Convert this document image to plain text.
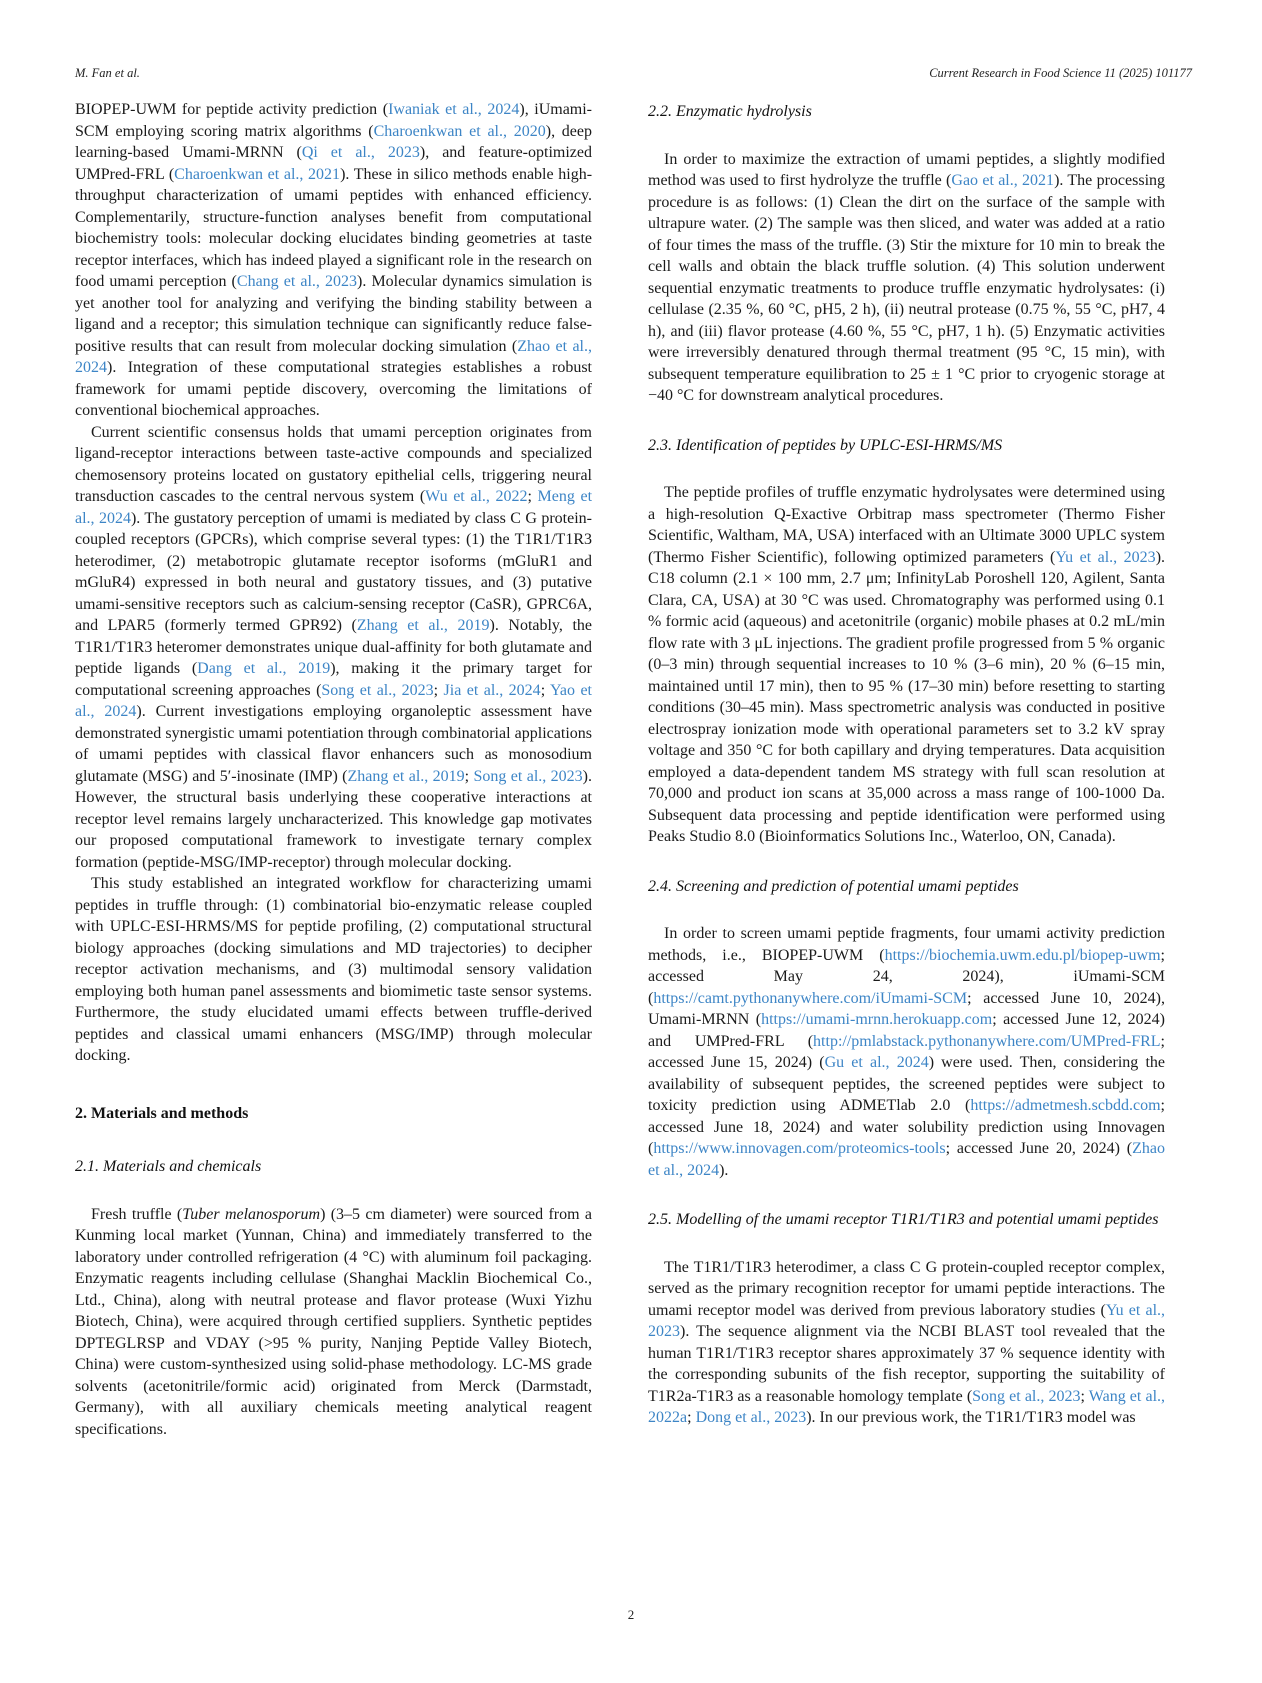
M. Fan et al.	Current Research in Food Science 11 (2025) 101177

BIOPEP-UWM for peptide activity prediction (Iwaniak et al., 2024), iUmami-SCM employing scoring matrix algorithms (Charoenkwan et al., 2020), deep learning-based Umami-MRNN (Qi et al., 2023), and feature-optimized UMPred-FRL (Charoenkwan et al., 2021). These in silico methods enable high-throughput characterization of umami peptides with enhanced efficiency. Complementarily, structure-function analyses benefit from computational biochemistry tools: molecular docking elucidates binding geometries at taste receptor interfaces, which has indeed played a significant role in the research on food umami perception (Chang et al., 2023). Molecular dynamics simulation is yet another tool for analyzing and verifying the binding stability between a ligand and a receptor; this simulation technique can significantly reduce false-positive results that can result from molecular docking simulation (Zhao et al., 2024). Integration of these computational strategies establishes a robust framework for umami peptide discovery, overcoming the limitations of conventional biochemical approaches.

Current scientific consensus holds that umami perception originates from ligand-receptor interactions between taste-active compounds and specialized chemosensory proteins located on gustatory epithelial cells, triggering neural transduction cascades to the central nervous system (Wu et al., 2022; Meng et al., 2024). The gustatory perception of umami is mediated by class C G protein-coupled receptors (GPCRs), which comprise several types: (1) the T1R1/T1R3 heterodimer, (2) metabotropic glutamate receptor isoforms (mGluR1 and mGluR4) expressed in both neural and gustatory tissues, and (3) putative umami-sensitive receptors such as calcium-sensing receptor (CaSR), GPRC6A, and LPAR5 (formerly termed GPR92) (Zhang et al., 2019). Notably, the T1R1/T1R3 heteromer demonstrates unique dual-affinity for both glutamate and peptide ligands (Dang et al., 2019), making it the primary target for computational screening approaches (Song et al., 2023; Jia et al., 2024; Yao et al., 2024). Current investigations employing organoleptic assessment have demonstrated synergistic umami potentiation through combinatorial applications of umami peptides with classical flavor enhancers such as monosodium glutamate (MSG) and 5′-inosinate (IMP) (Zhang et al., 2019; Song et al., 2023). However, the structural basis underlying these cooperative interactions at receptor level remains largely uncharacterized. This knowledge gap motivates our proposed computational framework to investigate ternary complex formation (peptide-MSG/IMP-receptor) through molecular docking.

This study established an integrated workflow for characterizing umami peptides in truffle through: (1) combinatorial bio-enzymatic release coupled with UPLC-ESI-HRMS/MS for peptide profiling, (2) computational structural biology approaches (docking simulations and MD trajectories) to decipher receptor activation mechanisms, and (3) multimodal sensory validation employing both human panel assessments and biomimetic taste sensor systems. Furthermore, the study elucidated umami effects between truffle-derived peptides and classical umami enhancers (MSG/IMP) through molecular docking.

2. Materials and methods
2.1. Materials and chemicals

Fresh truffle (Tuber melanosporum) (3–5 cm diameter) were sourced from a Kunming local market (Yunnan, China) and immediately transferred to the laboratory under controlled refrigeration (4 °C) with aluminum foil packaging. Enzymatic reagents including cellulase (Shanghai Macklin Biochemical Co., Ltd., China), along with neutral protease and flavor protease (Wuxi Yizhu Biotech, China), were acquired through certified suppliers. Synthetic peptides DPTEGLRSP and VDAY (>95 % purity, Nanjing Peptide Valley Biotech, China) were custom-synthesized using solid-phase methodology. LC-MS grade solvents (acetonitrile/formic acid) originated from Merck (Darmstadt, Germany), with all auxiliary chemicals meeting analytical reagent specifications.

2.2. Enzymatic hydrolysis

In order to maximize the extraction of umami peptides, a slightly modified method was used to first hydrolyze the truffle (Gao et al., 2021). The processing procedure is as follows: (1) Clean the dirt on the surface of the sample with ultrapure water. (2) The sample was then sliced, and water was added at a ratio of four times the mass of the truffle. (3) Stir the mixture for 10 min to break the cell walls and obtain the black truffle solution. (4) This solution underwent sequential enzymatic treatments to produce truffle enzymatic hydrolysates: (i) cellulase (2.35 %, 60 °C, pH5, 2 h), (ii) neutral protease (0.75 %, 55 °C, pH7, 4 h), and (iii) flavor protease (4.60 %, 55 °C, pH7, 1 h). (5) Enzymatic activities were irreversibly denatured through thermal treatment (95 °C, 15 min), with subsequent temperature equilibration to 25 ± 1 °C prior to cryogenic storage at −40 °C for downstream analytical procedures.

2.3. Identification of peptides by UPLC-ESI-HRMS/MS

The peptide profiles of truffle enzymatic hydrolysates were determined using a high-resolution Q-Exactive Orbitrap mass spectrometer (Thermo Fisher Scientific, Waltham, MA, USA) interfaced with an Ultimate 3000 UPLC system (Thermo Fisher Scientific), following optimized parameters (Yu et al., 2023). C18 column (2.1 × 100 mm, 2.7 μm; InfinityLab Poroshell 120, Agilent, Santa Clara, CA, USA) at 30 °C was used. Chromatography was performed using 0.1 % formic acid (aqueous) and acetonitrile (organic) mobile phases at 0.2 mL/min flow rate with 3 μL injections. The gradient profile progressed from 5 % organic (0–3 min) through sequential increases to 10 % (3–6 min), 20 % (6–15 min, maintained until 17 min), then to 95 % (17–30 min) before resetting to starting conditions (30–45 min). Mass spectrometric analysis was conducted in positive electrospray ionization mode with operational parameters set to 3.2 kV spray voltage and 350 °C for both capillary and drying temperatures. Data acquisition employed a data-dependent tandem MS strategy with full scan resolution at 70,000 and product ion scans at 35,000 across a mass range of 100-1000 Da. Subsequent data processing and peptide identification were performed using Peaks Studio 8.0 (Bioinformatics Solutions Inc., Waterloo, ON, Canada).

2.4. Screening and prediction of potential umami peptides

In order to screen umami peptide fragments, four umami activity prediction methods, i.e., BIOPEP-UWM (https://biochemia.uwm.edu.pl/biopep-uwm; accessed May 24, 2024), iUmami-SCM (https://camt.pythonanywhere.com/iUmami-SCM; accessed June 10, 2024), Umami-MRNN (https://umami-mrnn.herokuapp.com; accessed June 12, 2024) and UMPred-FRL (http://pmlabstack.pythonanywhere.com/UMPred-FRL; accessed June 15, 2024) (Gu et al., 2024) were used. Then, considering the availability of subsequent peptides, the screened peptides were subject to toxicity prediction using ADMETlab 2.0 (https://admetmesh.scbdd.com; accessed June 18, 2024) and water solubility prediction using Innovagen (https://www.innovagen.com/proteomics-tools; accessed June 20, 2024) (Zhao et al., 2024).

2.5. Modelling of the umami receptor T1R1/T1R3 and potential umami peptides

The T1R1/T1R3 heterodimer, a class C G protein-coupled receptor complex, served as the primary recognition receptor for umami peptide interactions. The umami receptor model was derived from previous laboratory studies (Yu et al., 2023). The sequence alignment via the NCBI BLAST tool revealed that the human T1R1/T1R3 receptor shares approximately 37 % sequence identity with the corresponding subunits of the fish receptor, supporting the suitability of T1R2a-T1R3 as a reasonable homology template (Song et al., 2023; Wang et al., 2022a; Dong et al., 2023). In our previous work, the T1R1/T1R3 model was

2
